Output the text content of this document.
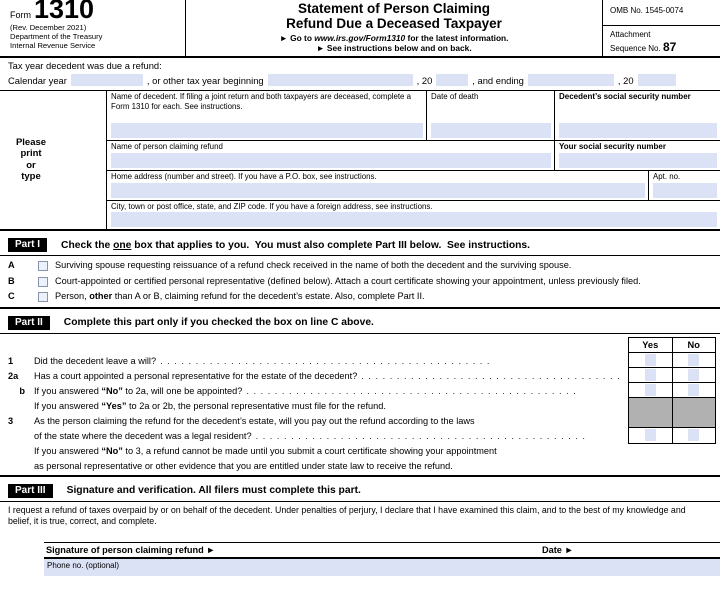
Form 1310
(Rev. December 2021)
Department of the Treasury
Internal Revenue Service
Statement of Person Claiming
Refund Due a Deceased Taxpayer
► Go to www.irs.gov/Form1310 for the latest information.
► See instructions below and on back.
OMB No. 1545-0074
Attachment
Sequence No. 87
Tax year decedent was due a refund:
Calendar year	, or other tax year beginning	, 20	, and ending	, 20
Please
print
or
type
Name of decedent. If filing a joint return and both taxpayers are deceased, complete a Form 1310 for each. See instructions.
Date of death	Decedent’s social security number
Name of person claiming refund	Your social security number
Home address (number and street). If you have a P.O. box, see instructions.	Apt. no.
City, town or post office, state, and ZIP code. If you have a foreign address, see instructions.
Part I	Check the one box that applies to you.  You must also complete Part III below.  See instructions.
A	Surviving spouse requesting reissuance of a refund check received in the name of both the decedent and the surviving spouse.
B	Court-appointed or certified personal representative (defined below). Attach a court certificate showing your appointment, unless previously filed.
C	Person, other than A or B, claiming refund for the decedent’s estate. Also, complete Part II.
Part II	Complete this part only if you checked the box on line C above.
1	Did the decedent leave a will?
. . .
2a	Has a court appointed a personal representative for the estate of the decedent?
. . .
b If you answered “No” to 2a, will one be appointed?
. . .
If you answered “Yes” to 2a or 2b, the personal representative must file for the refund.
3	As the person claiming the refund for the decedent’s estate, will you pay out the refund according to the laws
of the state where the decedent was a legal resident?
. . .
If you answered “No” to 3, a refund cannot be made until you submit a court certificate showing your appointment
as personal representative or other evidence that you are entitled under state law to receive the refund.
Yes	No
Part III	Signature and verification. All filers must complete this part.
I request a refund of taxes overpaid by or on behalf of the decedent. Under penalties of perjury, I declare that I have examined this claim, and to the best of my knowledge and belief, it is true, correct, and complete.
Signature of person claiming refund ►	Date ►
Phone no. (optional)
